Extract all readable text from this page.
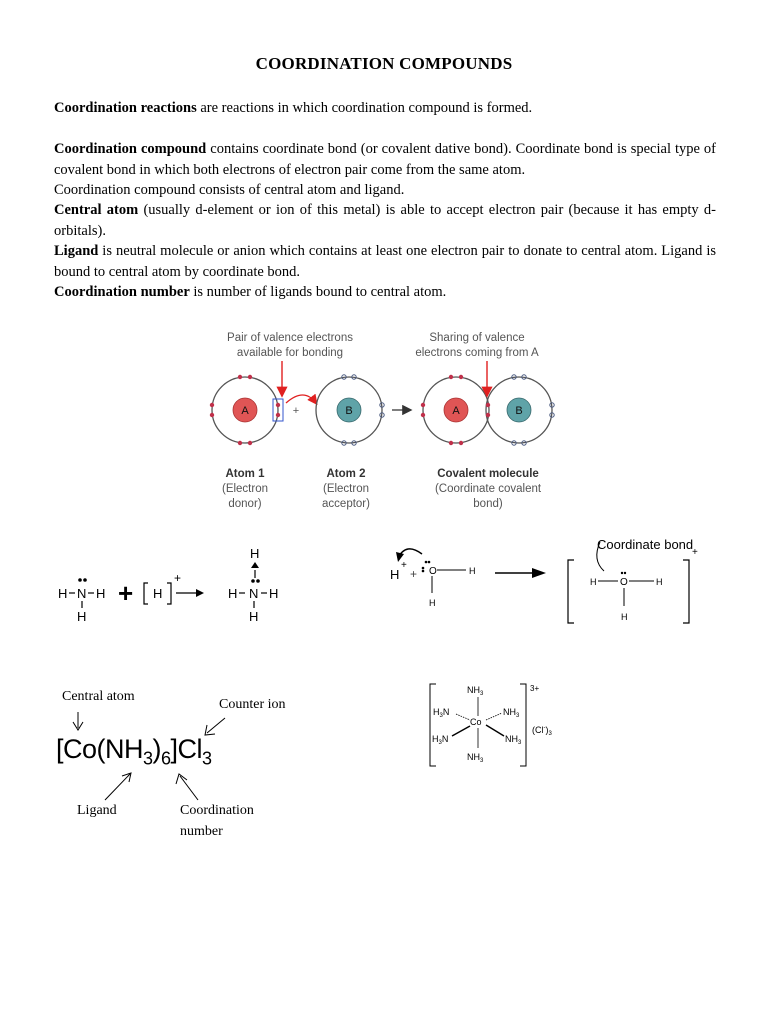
COORDINATION COMPOUNDS
Coordination reactions are reactions in which coordination compound is formed.
Coordination compound contains coordinate bond (or covalent dative bond). Coordinate bond is special type of covalent bond in which both electrons of electron pair come from the same atom.
Coordination compound consists of central atom and ligand.
Central atom (usually d-element or ion of this metal) is able to accept electron pair (because it has empty d-orbitals).
Ligand is neutral molecule or anion which contains at least one electron pair to donate to central atom. Ligand is bound to central atom by coordinate bond.
Coordination number is number of ligands bound to central atom.
Pair of valence electrons
available for bonding
Sharing of valence
electrons coming from A
A	+	B	A	B
Atom 1
(Electron
donor)
Atom 2
(Electron
acceptor)
Covalent molecule
(Coordinate covalent
bond)
H N H
H
+ H
+
H
H N H
H
H
+
+ O	H
H
+
Coordinate bond
H O	H
H
Central atom
Counter ion
$[Co(NH_3)_6]Cl_3$
Ligand	Coordination
number
3+
$NH_3$
$H_3N$	$NH_3$
Co
$H_3N$	$NH_3$
$NH_3$
$(Cl^-)_3$
